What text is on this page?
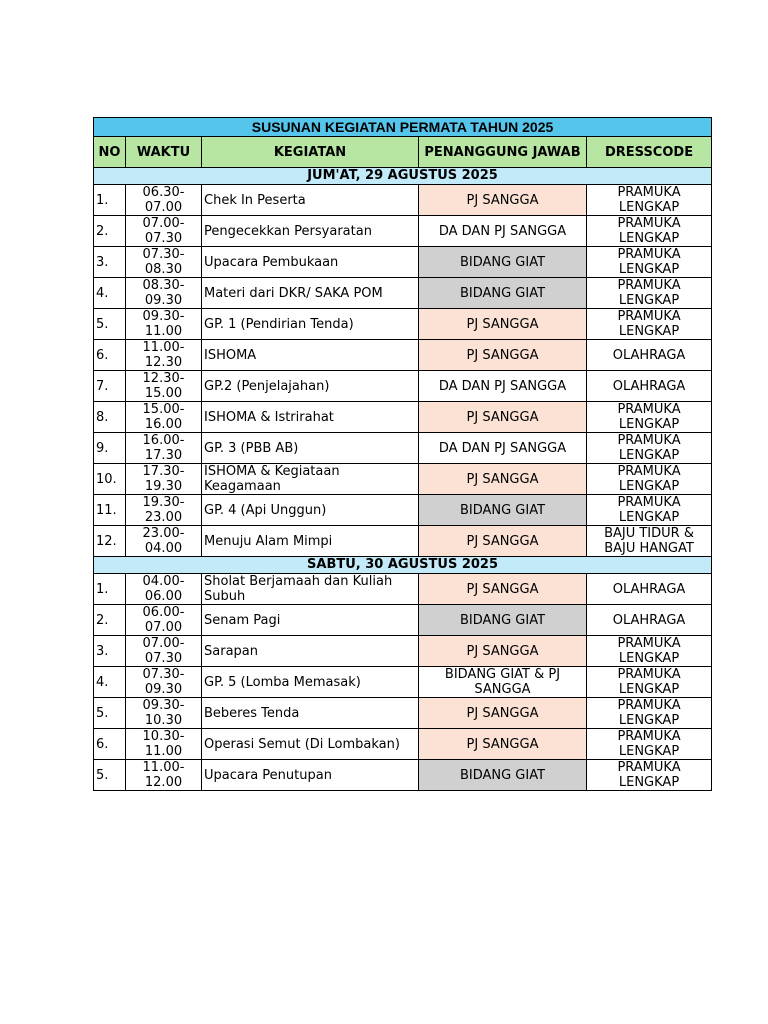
SUSUNAN KEGIATAN PERMATA TAHUN 2025				
NO	WAKTU	KEGIATAN	PENANGGUNG JAWAB	DRESSCODE
JUM'AT, 29 AGUSTUS 2025				
1.	06.30-07.00	Chek In Peserta	PJ SANGGA	PRAMUKA LENGKAP
2.	07.00-07.30	Pengecekkan Persyaratan	DA DAN PJ SANGGA	PRAMUKA LENGKAP
3.	07.30-08.30	Upacara Pembukaan	BIDANG GIAT	PRAMUKA LENGKAP
4.	08.30-09.30	Materi dari DKR/ SAKA POM	BIDANG GIAT	PRAMUKA LENGKAP
5.	09.30-11.00	GP. 1 (Pendirian Tenda)	PJ SANGGA	PRAMUKA LENGKAP
6.	11.00-12.30	ISHOMA	PJ SANGGA	OLAHRAGA
7.	12.30-15.00	GP.2 (Penjelajahan)	DA DAN PJ SANGGA	OLAHRAGA
8.	15.00-16.00	ISHOMA & Istrirahat	PJ SANGGA	PRAMUKA LENGKAP
9.	16.00-17.30	GP. 3 (PBB AB)	DA DAN PJ SANGGA	PRAMUKA LENGKAP
10.	17.30-19.30	ISHOMA & Kegiataan Keagamaan	PJ SANGGA	PRAMUKA LENGKAP
11.	19.30-23.00	GP. 4 (Api Unggun)	BIDANG GIAT	PRAMUKA LENGKAP
12.	23.00-04.00	Menuju Alam Mimpi	PJ SANGGA	BAJU TIDUR & BAJU HANGAT
SABTU, 30 AGUSTUS 2025				
1.	04.00-06.00	Sholat Berjamaah dan Kuliah Subuh	PJ SANGGA	OLAHRAGA
2.	06.00-07.00	Senam Pagi	BIDANG GIAT	OLAHRAGA
3.	07.00-07.30	Sarapan	PJ SANGGA	PRAMUKA LENGKAP
4.	07.30-09.30	GP. 5 (Lomba Memasak)	BIDANG GIAT & PJ SANGGA	PRAMUKA LENGKAP
5.	09.30-10.30	Beberes Tenda	PJ SANGGA	PRAMUKA LENGKAP
6.	10.30-11.00	Operasi Semut (Di Lombakan)	PJ SANGGA	PRAMUKA LENGKAP
5.	11.00-12.00	Upacara Penutupan	BIDANG GIAT	PRAMUKA LENGKAP
